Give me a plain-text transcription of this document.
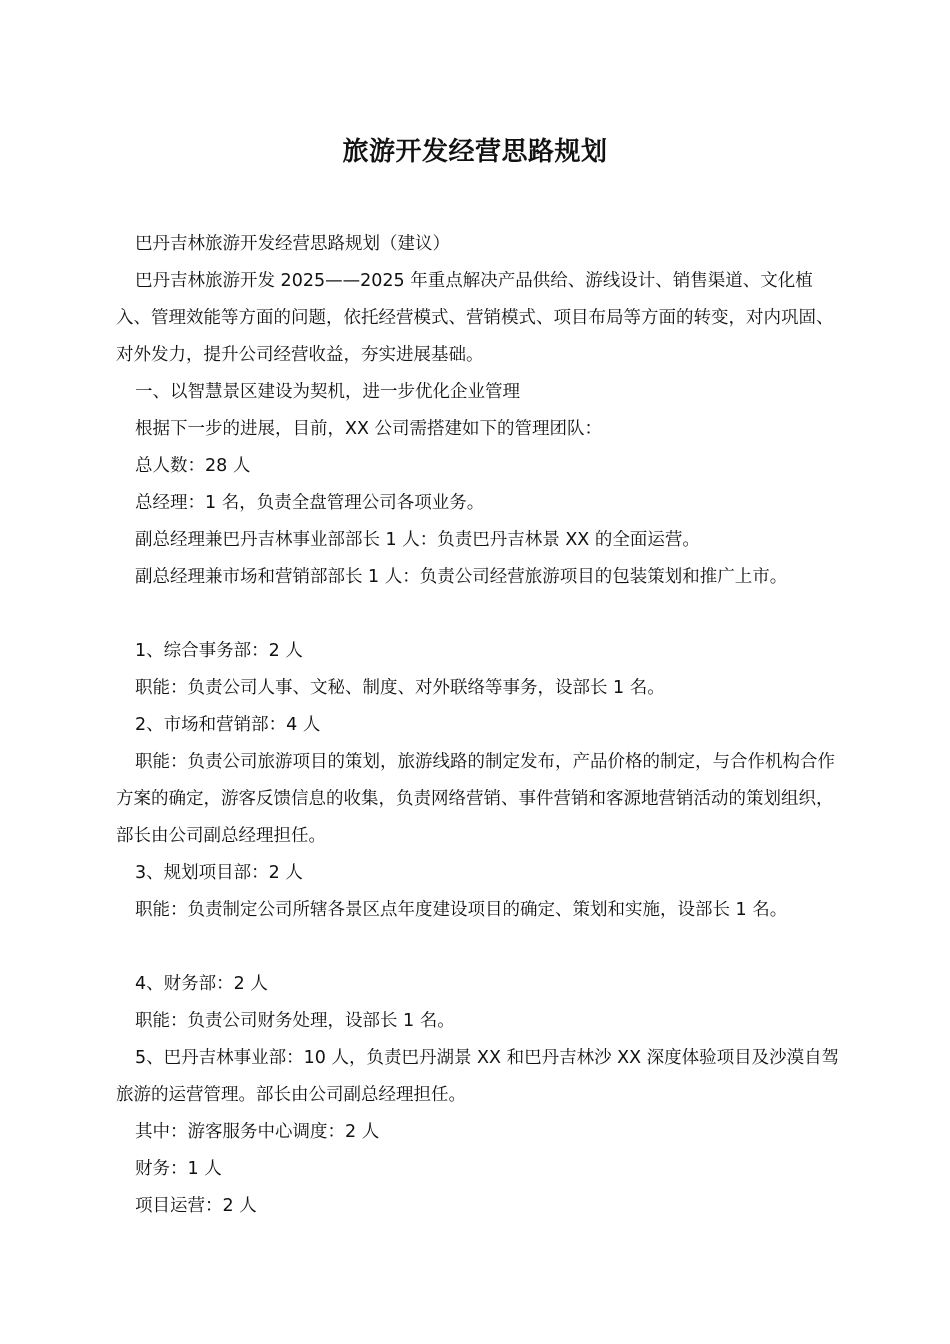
旅游开发经营思路规划

巴丹吉林旅游开发经营思路规划（建议）

巴丹吉林旅游开发 2025——2025 年重点解决产品供给、游线设计、销售渠道、文化植入、管理效能等方面的问题，依托经营模式、营销模式、项目布局等方面的转变，对内巩固、对外发力，提升公司经营收益，夯实进展基础。

一、以智慧景区建设为契机，进一步优化企业管理

根据下一步的进展，目前，XX 公司需搭建如下的管理团队：

总人数：28 人

总经理：1 名，负责全盘管理公司各项业务。

副总经理兼巴丹吉林事业部部长 1 人：负责巴丹吉林景 XX 的全面运营。

副总经理兼市场和营销部部长 1 人：负责公司经营旅游项目的包装策划和推广上市。

1、综合事务部：2 人

职能：负责公司人事、文秘、制度、对外联络等事务，设部长 1 名。

2、市场和营销部：4 人

职能：负责公司旅游项目的策划，旅游线路的制定发布，产品价格的制定，与合作机构合作方案的确定，游客反馈信息的收集，负责网络营销、事件营销和客源地营销活动的策划组织，部长由公司副总经理担任。

3、规划项目部：2 人

职能：负责制定公司所辖各景区点年度建设项目的确定、策划和实施，设部长 1 名。

4、财务部：2 人

职能：负责公司财务处理，设部长 1 名。

5、巴丹吉林事业部：10 人，负责巴丹湖景 XX 和巴丹吉林沙 XX 深度体验项目及沙漠自驾旅游的运营管理。部长由公司副总经理担任。

其中：游客服务中心调度：2 人

财务：1 人

项目运营：2 人
